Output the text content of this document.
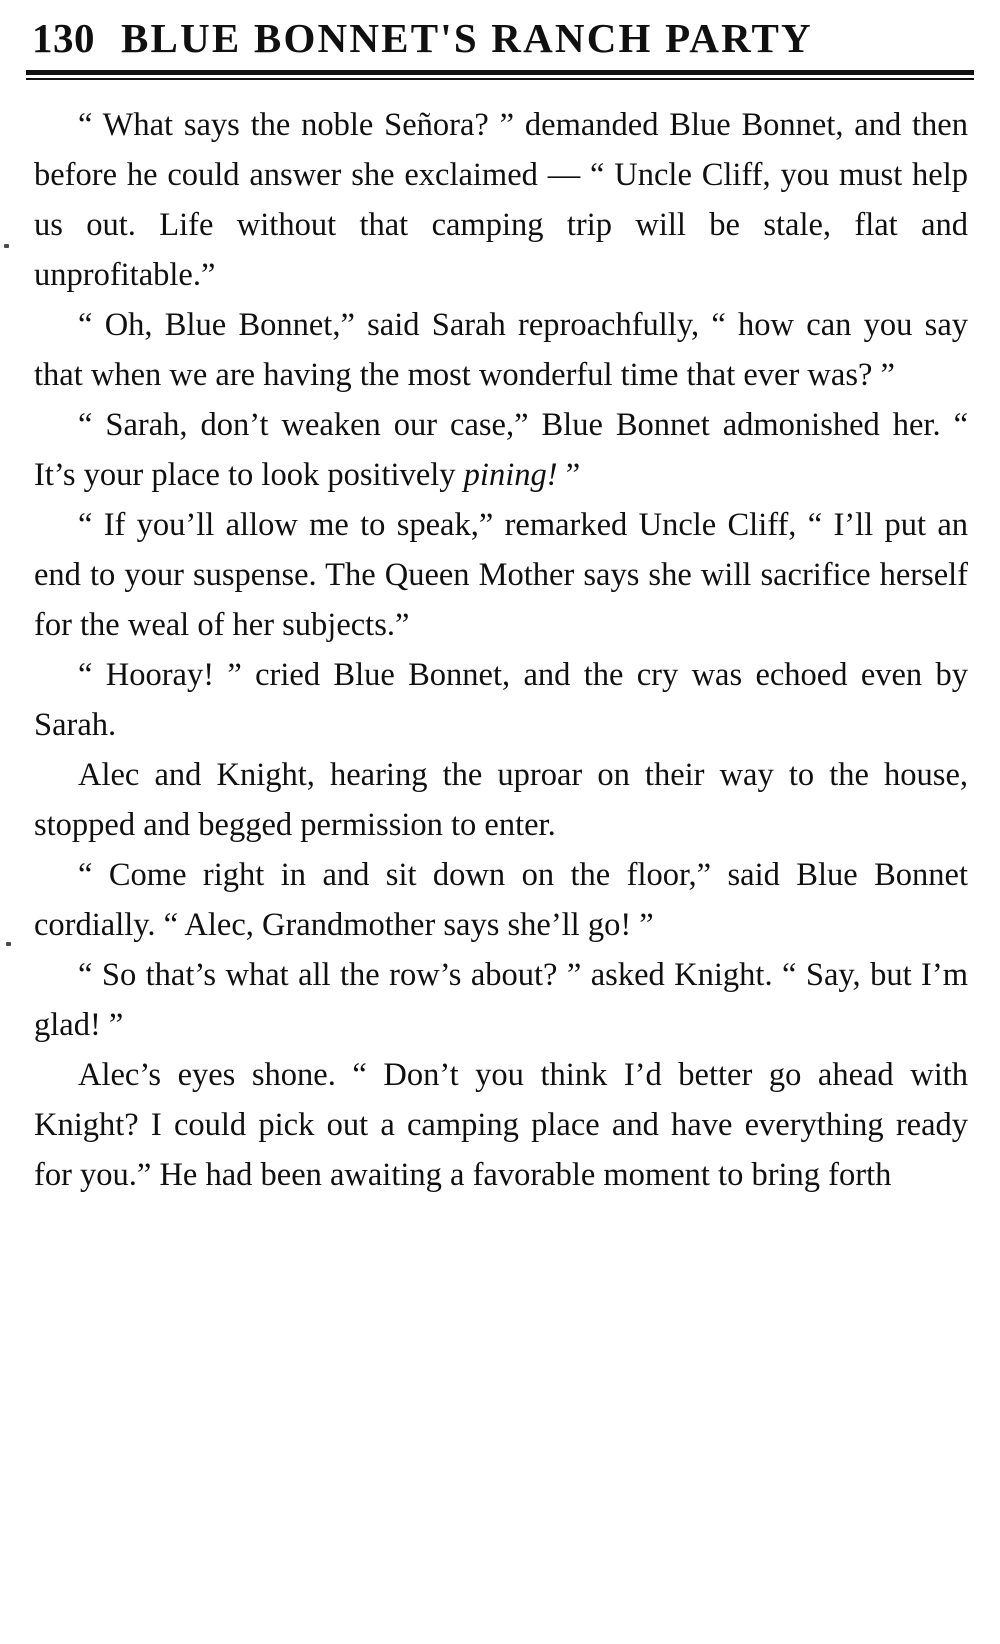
130 BLUE BONNET'S RANCH PARTY

“ What says the noble Señora? ” demanded Blue Bonnet, and then before he could answer she exclaimed — “ Uncle Cliff, you must help us out. Life without that camping trip will be stale, flat and unprofitable.”

“ Oh, Blue Bonnet,” said Sarah reproachfully, “ how can you say that when we are having the most wonderful time that ever was? ”

“ Sarah, don’t weaken our case,” Blue Bonnet admonished her. “ It’s your place to look positively pining! ”

“ If you’ll allow me to speak,” remarked Uncle Cliff, “ I’ll put an end to your suspense. The Queen Mother says she will sacrifice herself for the weal of her subjects.”

“ Hooray! ” cried Blue Bonnet, and the cry was echoed even by Sarah.

Alec and Knight, hearing the uproar on their way to the house, stopped and begged permission to enter.

“ Come right in and sit down on the floor,” said Blue Bonnet cordially. “ Alec, Grandmother says she’ll go! ”

“ So that’s what all the row’s about? ” asked Knight. “ Say, but I’m glad! ”

Alec’s eyes shone. “ Don’t you think I’d better go ahead with Knight? I could pick out a camping place and have everything ready for you.” He had been awaiting a favorable moment to bring forth
